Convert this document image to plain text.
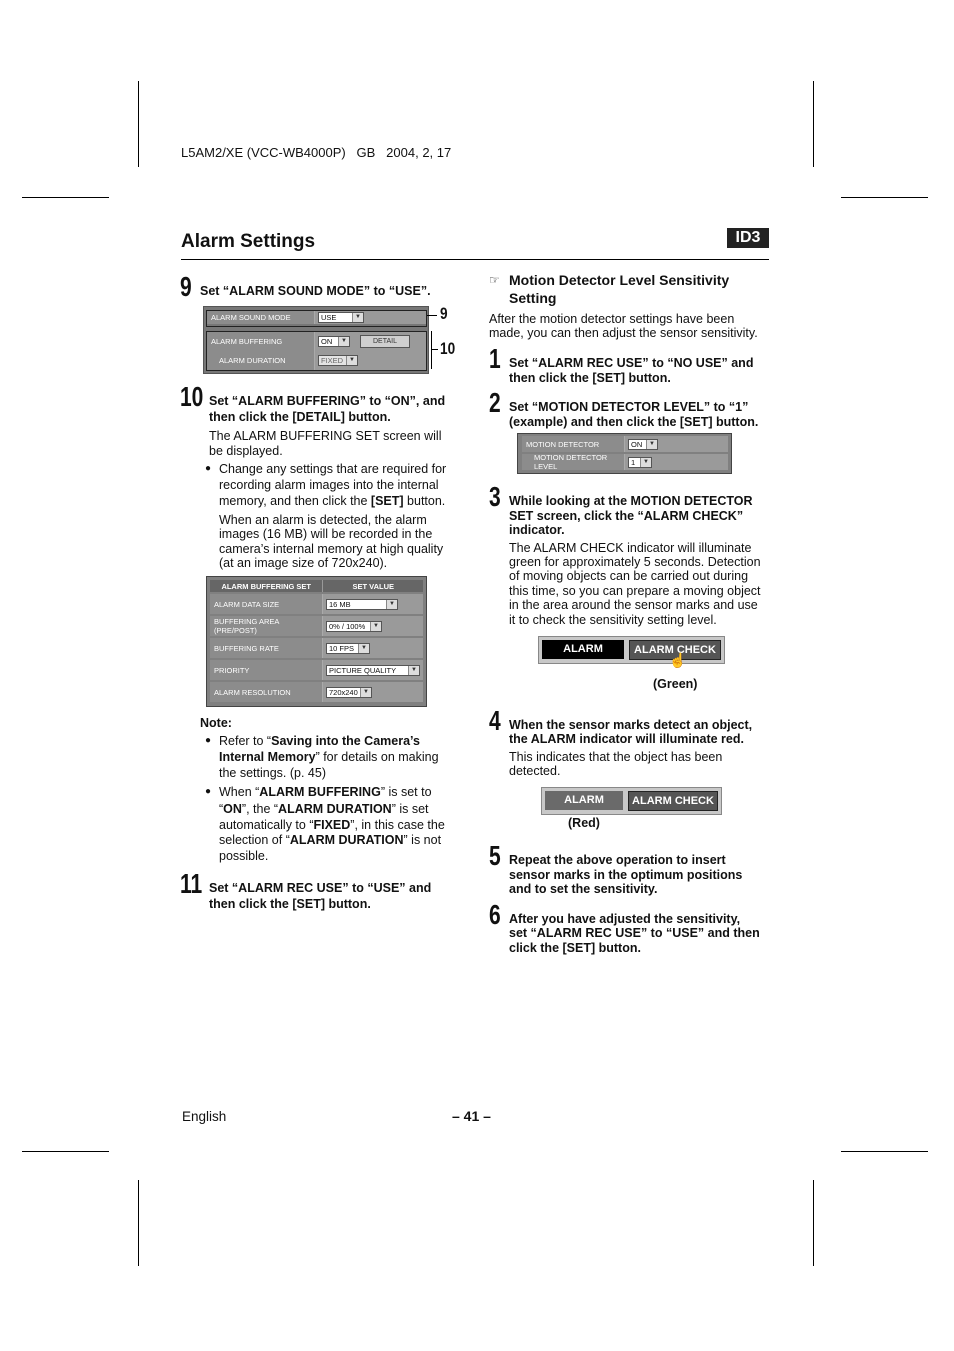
L5AM2/XE (VCC-WB4000P)   GB   2004, 2, 17
Alarm Settings	ID3
9 Set “ALARM SOUND MODE” to “USE”.
ALARM SOUND MODE	USE	▼
ALARM BUFFERING	ON	▼	DETAIL
ALARM DURATION	FIXED ▼
9
10
10 Set “ALARM BUFFERING” to “ON”, and
then click the [DETAIL] button.
The ALARM BUFFERING SET screen will
be displayed.
● Change any settings that are required for
recording alarm images into the internal
memory, and then click the [SET] button.
When an alarm is detected, the alarm
images (16 MB) will be recorded in the
camera’s internal memory at high quality
(at an image size of 720x240).
ALARM BUFFERING SET	SET VALUE
ALARM DATA SIZE	16 MB	▼
BUFFERING AREA (PRE/POST)	0% / 100%	▼
BUFFERING RATE	10 FPS	▼
PRIORITY	PICTURE QUALITY	▼
ALARM RESOLUTION	720x240 ▼
Note:
● Refer to “Saving into the Camera’s
Internal Memory” for details on making
the settings. (p. 45)
● When “ALARM BUFFERING” is set to
“ON”, the “ALARM DURATION” is set
automatically to “FIXED”, in this case the
selection of “ALARM DURATION” is not
possible.
11 Set “ALARM REC USE” to “USE” and
then click the [SET] button.
☞ Motion Detector Level Sensitivity
Setting
After the motion detector settings have been
made, you can then adjust the sensor sensitivity.
1 Set “ALARM REC USE” to “NO USE” and
then click the [SET] button.
2 Set “MOTION DETECTOR LEVEL” to “1”
(example) and then click the [SET] button.
MOTION DETECTOR	ON	▼
MOTION DETECTOR LEVEL	1	▼
3 While looking at the MOTION DETECTOR
SET screen, click the “ALARM CHECK”
indicator.
The ALARM CHECK indicator will illuminate
green for approximately 5 seconds. Detection
of moving objects can be carried out during
this time, so you can prepare a moving object
in the area around the sensor marks and use
it to check the sensitivity setting level.
ALARM	ALARM CHECK
☝
(Green)
4 When the sensor marks detect an object,
the ALARM indicator will illuminate red.
This indicates that the object has been
detected.
ALARM	ALARM CHECK
(Red)
5 Repeat the above operation to insert
sensor marks in the optimum positions
and to set the sensitivity.
6 After you have adjusted the sensitivity,
set “ALARM REC USE” to “USE” and then
click the [SET] button.
English	– 41 –
